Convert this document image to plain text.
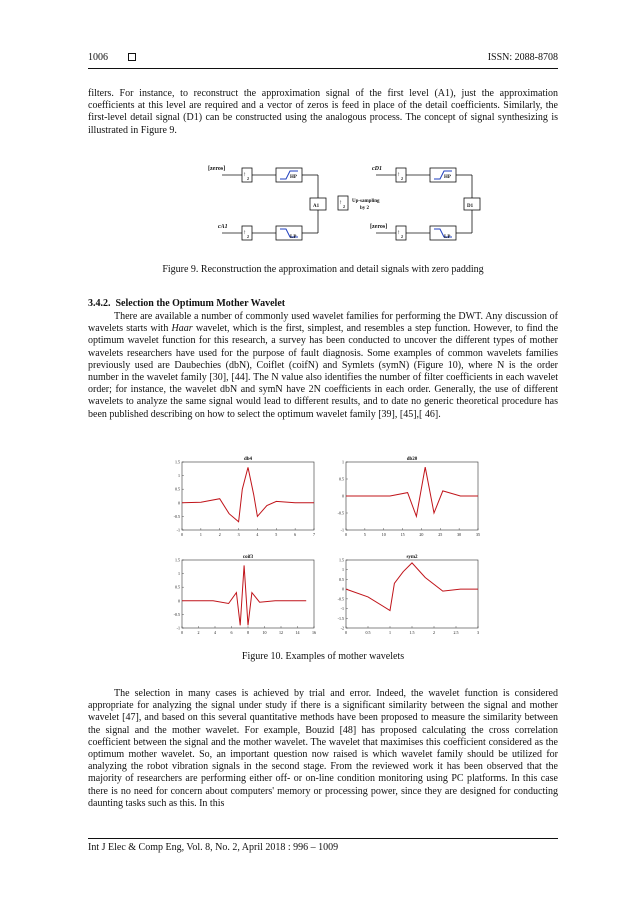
1006	ISSN: 2088-8708

filters. For instance, to reconstruct the approximation signal of the first level (A1), just the approximation coefficients at this level are required and a vector of zeros is feed in place of the detail coefficients. Similarly, the first-level detail signal (D1) can be constructed using the analogous process. The concept of signal synthesizing is illustrated in Figure 9.

[zeros]
cA1
cD1
[zeros]
HP
LP
HP
LP
A1	D1
↑
2
↑
2
↑
2
↑
2
↑
2
Up-sampling
by 2
Figure 9. Reconstruction the approximation and detail signals with zero padding
3.4.2.  Selection the Optimum Mother Wavelet

There are available a number of commonly used wavelet families for performing the DWT. Any discussion of wavelets starts with Haar wavelet, which is the first, simplest, and resembles a step function. However, to find the optimum wavelet function for this research, a survey has been conducted to uncover the different types of mother wavelets researchers have used for the purpose of fault diagnosis. Some examples of common wavelets families previously used are Daubechies (dbN), Coiflet (coifN) and Symlets (symN) (Figure 10), where N is the order number in the wavelet family [30], [44]. The N value also identifies the number of filter coefficients in each wavelet order; for instance, the wavelet dbN and symN have 2N coefficients in each order. Generally, the use of different wavelets to analyze the same signal would lead to different results, and to date no generic theoretical procedure has been published describing on how to select the optimum wavelet family [39], [45],[ 46].

db4
1.5
1
0.5
0
-0.5
-1
0	1	2	3	4	5	6	7
db20
1
0.5
0
-0.5
-1
0	5	10	15	20	25	30	35
coif3
1.5
1
0.5
0
-0.5
-1
0	2	4	6	8	10	12	14	16
sym2
1.5
1
0.5
0
-0.5
-1
-1.5
-2
0	0.5	1	1.5	2	2.5	3
Figure 10. Examples of mother wavelets

The selection in many cases is achieved by trial and error. Indeed, the wavelet function is considered appropriate for analyzing the signal under study if there is a significant similarity between the signal and mother wavelet [47], and based on this several quantitative methods have been proposed to measure the similarity between the signal and the mother wavelet. For example, Bouzid [48] has proposed calculating the cross correlation coefficient between the signal and the mother wavelet. The wavelet that maximises this coefficient considered as the optimum mother wavelet. So, an important question now raised is which wavelet family should be utilized for analyzing the robot vibration signals in the second stage. From the reviewed work it has been observed that the majority of researchers are performing either off- or on-line condition monitoring using PC platforms. In this case there is no need for concern about computers' memory or processing power, since they are designed for conducting daunting tasks such as this. In this

Int J Elec & Comp Eng, Vol. 8, No. 2, April 2018 : 996 – 1009
